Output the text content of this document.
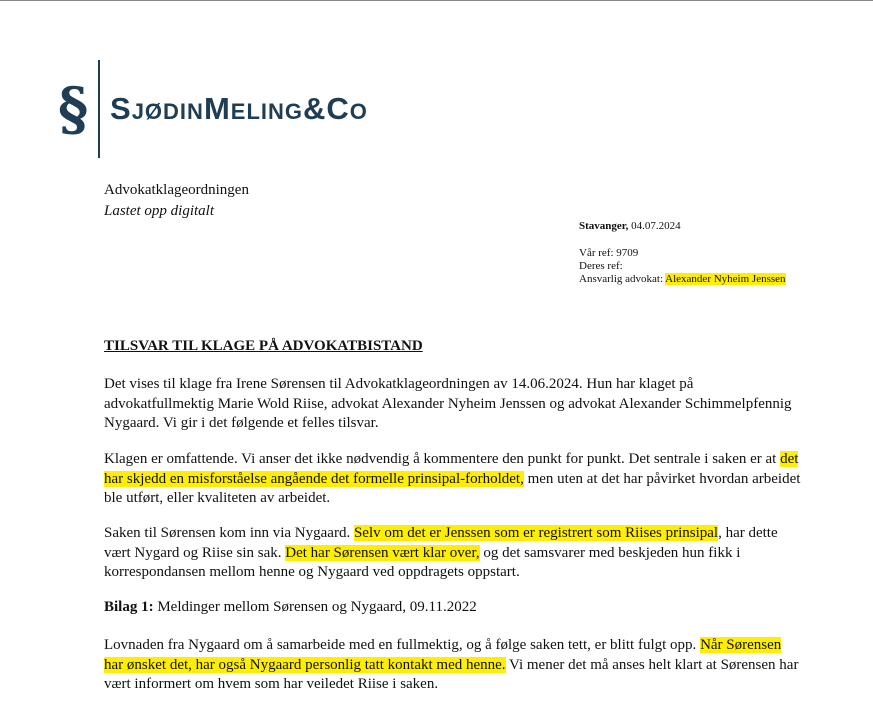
§ SJØDINMELING&CO
Advokatklageordningen
Lastet opp digitalt
Stavanger, 04.07.2024
Vår ref: 9709
Deres ref:
Ansvarlig advokat: Alexander Nyheim Jenssen
TILSVAR TIL KLAGE PÅ ADVOKATBISTAND
Det vises til klage fra Irene Sørensen til Advokatklageordningen av 14.06.2024. Hun har klaget på advokatfullmektig Marie Wold Riise, advokat Alexander Nyheim Jenssen og advokat Alexander Schimmelpfennig Nygaard. Vi gir i det følgende et felles tilsvar.
Klagen er omfattende. Vi anser det ikke nødvendig å kommentere den punkt for punkt. Det sentrale i saken er at det har skjedd en misforståelse angående det formelle prinsipal-forholdet, men uten at det har påvirket hvordan arbeidet ble utført, eller kvaliteten av arbeidet.
Saken til Sørensen kom inn via Nygaard. Selv om det er Jenssen som er registrert som Riises prinsipal, har dette vært Nygard og Riise sin sak. Det har Sørensen vært klar over, og det samsvarer med beskjeden hun fikk i korrespondansen mellom henne og Nygaard ved oppdragets oppstart.
Bilag 1: Meldinger mellom Sørensen og Nygaard, 09.11.2022
Lovnaden fra Nygaard om å samarbeide med en fullmektig, og å følge saken tett, er blitt fulgt opp. Når Sørensen har ønsket det, har også Nygaard personlig tatt kontakt med henne. Vi mener det må anses helt klart at Sørensen har vært informert om hvem som har veiledet Riise i saken.
